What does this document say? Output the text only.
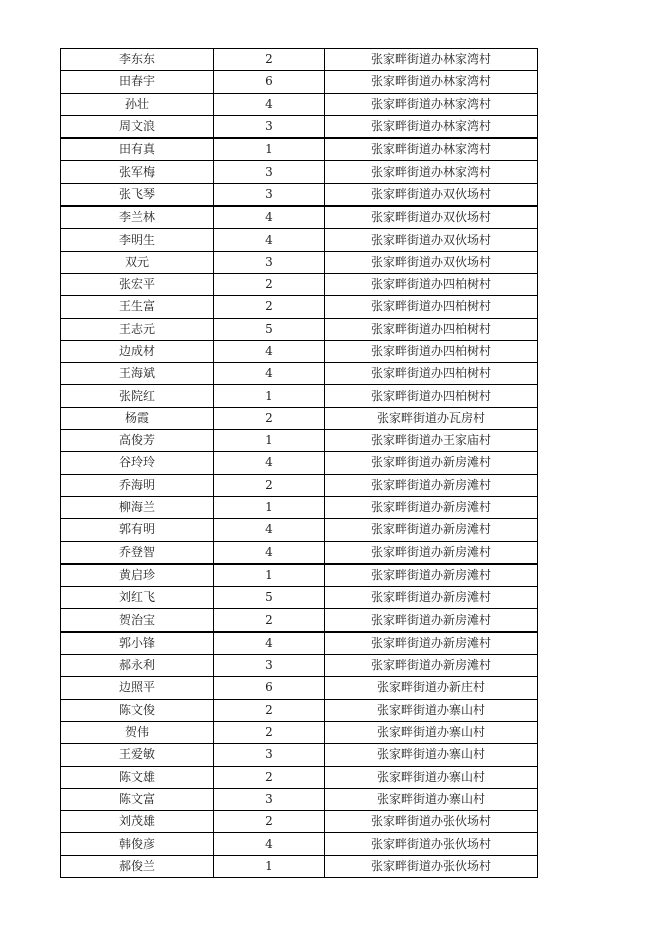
李东东	2	张家畔街道办林家湾村
田春宇	6	张家畔街道办林家湾村
孙壮	4	张家畔街道办林家湾村
周文浪	3	张家畔街道办林家湾村
田有真	1	张家畔街道办林家湾村
张军梅	3	张家畔街道办林家湾村
张飞琴	3	张家畔街道办双伙场村
李兰林	4	张家畔街道办双伙场村
李明生	4	张家畔街道办双伙场村
双元	3	张家畔街道办双伙场村
张宏平	2	张家畔街道办四柏树村
王生富	2	张家畔街道办四柏树村
王志元	5	张家畔街道办四柏树村
边成材	4	张家畔街道办四柏树村
王海斌	4	张家畔街道办四柏树村
张院红	1	张家畔街道办四柏树村
杨霞	2	张家畔街道办瓦房村
高俊芳	1	张家畔街道办王家庙村
谷玲玲	4	张家畔街道办新房滩村
乔海明	2	张家畔街道办新房滩村
柳海兰	1	张家畔街道办新房滩村
郭有明	4	张家畔街道办新房滩村
乔登智	4	张家畔街道办新房滩村
黄启珍	1	张家畔街道办新房滩村
刘红飞	5	张家畔街道办新房滩村
贺治宝	2	张家畔街道办新房滩村
郭小锋	4	张家畔街道办新房滩村
郝永利	3	张家畔街道办新房滩村
边照平	6	张家畔街道办新庄村
陈文俊	2	张家畔街道办寨山村
贺伟	2	张家畔街道办寨山村
王爱敏	3	张家畔街道办寨山村
陈文雄	2	张家畔街道办寨山村
陈文富	3	张家畔街道办寨山村
刘茂雄	2	张家畔街道办张伙场村
韩俊彦	4	张家畔街道办张伙场村
郝俊兰	1	张家畔街道办张伙场村
